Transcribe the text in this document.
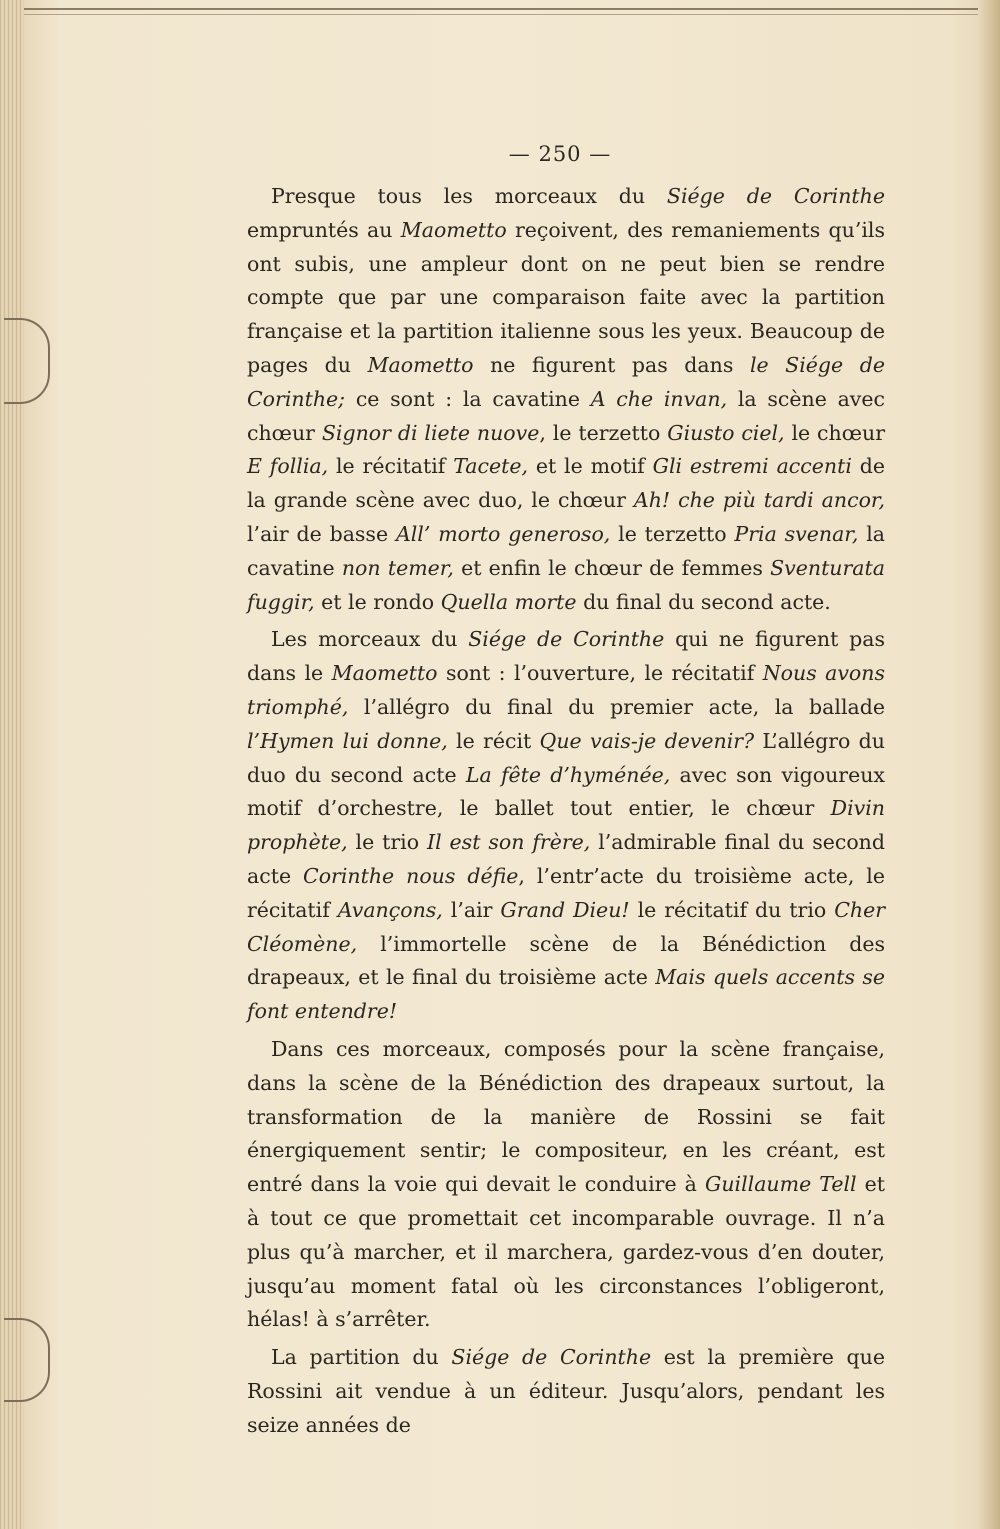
— 250 —

Presque tous les morceaux du Siége de Corinthe empruntés au Maometto reçoivent, des remaniements qu’ils ont subis, une ampleur dont on ne peut bien se rendre compte que par une comparaison faite avec la partition française et la partition italienne sous les yeux. Beaucoup de pages du Maometto ne figurent pas dans le Siége de Corinthe; ce sont : la cavatine A che invan, la scène avec chœur Signor di liete nuove, le terzetto Giusto ciel, le chœur E follia, le récitatif Tacete, et le motif Gli estremi accenti de la grande scène avec duo, le chœur Ah! che più tardi ancor, l’air de basse All’ morto generoso, le terzetto Pria svenar, la cavatine non temer, et enfin le chœur de femmes Sventurata fuggir, et le rondo Quella morte du final du second acte.

Les morceaux du Siége de Corinthe qui ne figurent pas dans le Maometto sont : l’ouverture, le récitatif Nous avons triomphé, l’allégro du final du premier acte, la ballade l’Hymen lui donne, le récit Que vais-je devenir? L’allégro du duo du second acte La fête d’hyménée, avec son vigoureux motif d’orchestre, le ballet tout entier, le chœur Divin prophète, le trio Il est son frère, l’admirable final du second acte Corinthe nous défie, l’entr’acte du troisième acte, le récitatif Avançons, l’air Grand Dieu! le récitatif du trio Cher Cléomène, l’immortelle scène de la Bénédiction des drapeaux, et le final du troisième acte Mais quels accents se font entendre!

Dans ces morceaux, composés pour la scène française, dans la scène de la Bénédiction des drapeaux surtout, la transformation de la manière de Rossini se fait énergiquement sentir; le compositeur, en les créant, est entré dans la voie qui devait le conduire à Guillaume Tell et à tout ce que promettait cet incomparable ouvrage. Il n’a plus qu’à marcher, et il marchera, gardez-vous d’en douter, jusqu’au moment fatal où les circonstances l’obligeront, hélas! à s’arrêter.

La partition du Siége de Corinthe est la première que Rossini ait vendue à un éditeur. Jusqu’alors, pendant les seize années de
